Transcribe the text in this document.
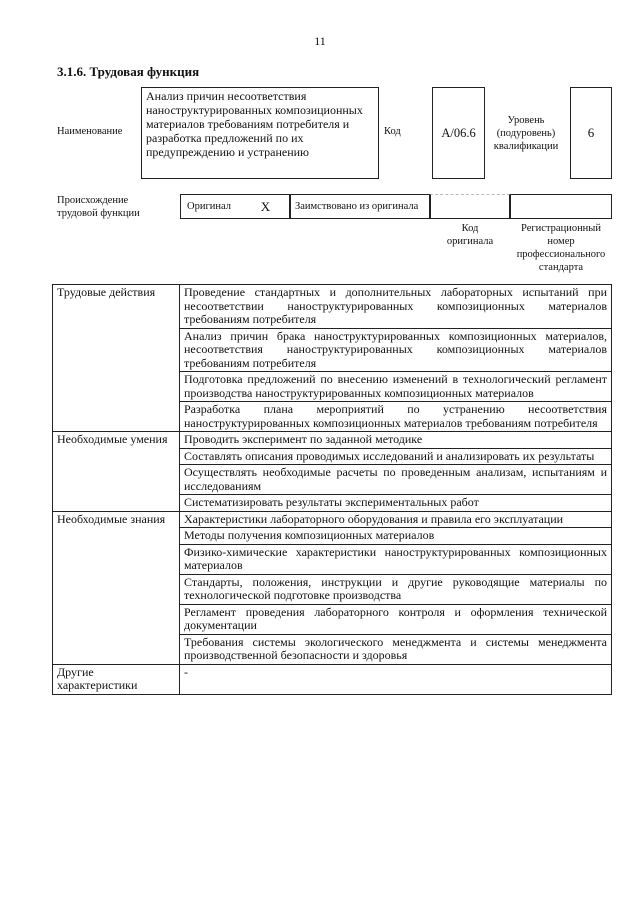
11
3.1.6. Трудовая функция
Наименование
Анализ причин несоответствия наноструктурированных композиционных материалов требованиям потребителя и разработка предложений по их предупреждению и устранению
Код	A/06.6
Уровень
(подуровень)
квалификации
6
Происхождение
трудовой функции
Оригинал	X	Заимствовано из оригинала
Код
оригинала
Регистрационный
номер
профессионального
стандарта
Трудовые действия	Проведение стандартных и дополнительных лабораторных испытаний при несоответствии наноструктурированных композиционных материалов требованиям потребителя
	Анализ причин брака наноструктурированных композиционных материалов, несоответствия наноструктурированных композиционных материалов требованиям потребителя
	Подготовка предложений по внесению изменений в технологический регламент производства наноструктурированных композиционных материалов
	Разработка плана мероприятий по устранению несоответствия наноструктурированных композиционных материалов требованиям потребителя
Необходимые умения	Проводить эксперимент по заданной методике
	Составлять описания проводимых исследований и анализировать их результаты
	Осуществлять необходимые расчеты по проведенным анализам, испытаниям и исследованиям
	Систематизировать результаты экспериментальных работ
Необходимые знания	Характеристики лабораторного оборудования и правила его эксплуатации
	Методы получения композиционных материалов
	Физико-химические характеристики наноструктурированных композиционных материалов
	Стандарты, положения, инструкции и другие руководящие материалы по технологической подготовке производства
	Регламент проведения лабораторного контроля и оформления технической документации
	Требования системы экологического менеджмента и системы менеджмента производственной безопасности и здоровья
Другие характеристики	-
